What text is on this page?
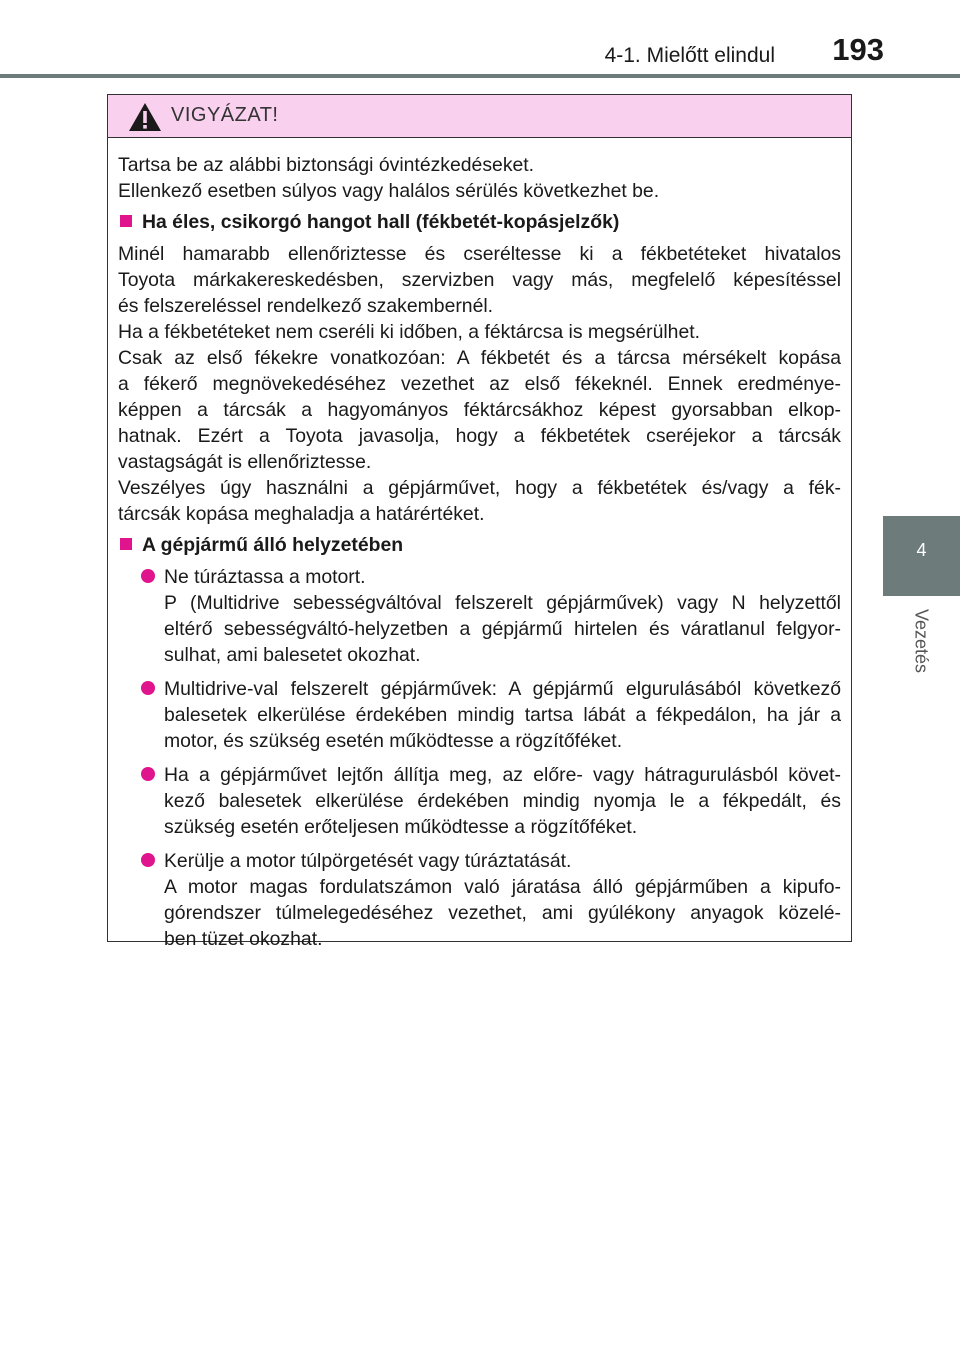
4-1. Mielőtt elindul 193
4
Vezetés
VIGYÁZAT!

Tartsa be az alábbi biztonsági óvintézkedéseket.
Ellenkező esetben súlyos vagy halálos sérülés következhet be.

Ha éles, csikorgó hangot hall (fékbetét-kopásjelzők)

Minél hamarabb ellenőriztesse és cseréltesse ki a fékbetéteket hivatalos
Toyota márkakereskedésben, szervizben vagy más, megfelelő képesítéssel
és felszereléssel rendelkező szakembernél.
Ha a fékbetéteket nem cseréli ki időben, a féktárcsa is megsérülhet.

Csak az első fékekre vonatkozóan: A fékbetét és a tárcsa mérsékelt kopása
a fékerő megnövekedéséhez vezethet az első fékeknél. Ennek eredménye-
képpen a tárcsák a hagyományos féktárcsákhoz képest gyorsabban elkop-
hatnak. Ezért a Toyota javasolja, hogy a fékbetétek cseréjekor a tárcsák
vastagságát is ellenőriztesse.

Veszélyes úgy használni a gépjárművet, hogy a fékbetétek és/vagy a fék-
tárcsák kopása meghaladja a határértéket.

A gépjármű álló helyzetében
Ne túráztassa a motort.
P (Multidrive sebességváltóval felszerelt gépjárművek) vagy N helyzettől
eltérő sebességváltó-helyzetben a gépjármű hirtelen és váratlanul felgyor-
sulhat, ami balesetet okozhat.
Multidrive-val felszerelt gépjárművek: A gépjármű elgurulásából következő
balesetek elkerülése érdekében mindig tartsa lábát a fékpedálon, ha jár a
motor, és szükség esetén működtesse a rögzítőféket.
Ha a gépjárművet lejtőn állítja meg, az előre- vagy hátragurulásból követ-
kező balesetek elkerülése érdekében mindig nyomja le a fékpedált, és
szükség esetén erőteljesen működtesse a rögzítőféket.
Kerülje a motor túlpörgetését vagy túráztatását.
A motor magas fordulatszámon való járatása álló gépjárműben a kipufo-
górendszer túlmelegedéséhez vezethet, ami gyúlékony anyagok közelé-
ben tüzet okozhat.
